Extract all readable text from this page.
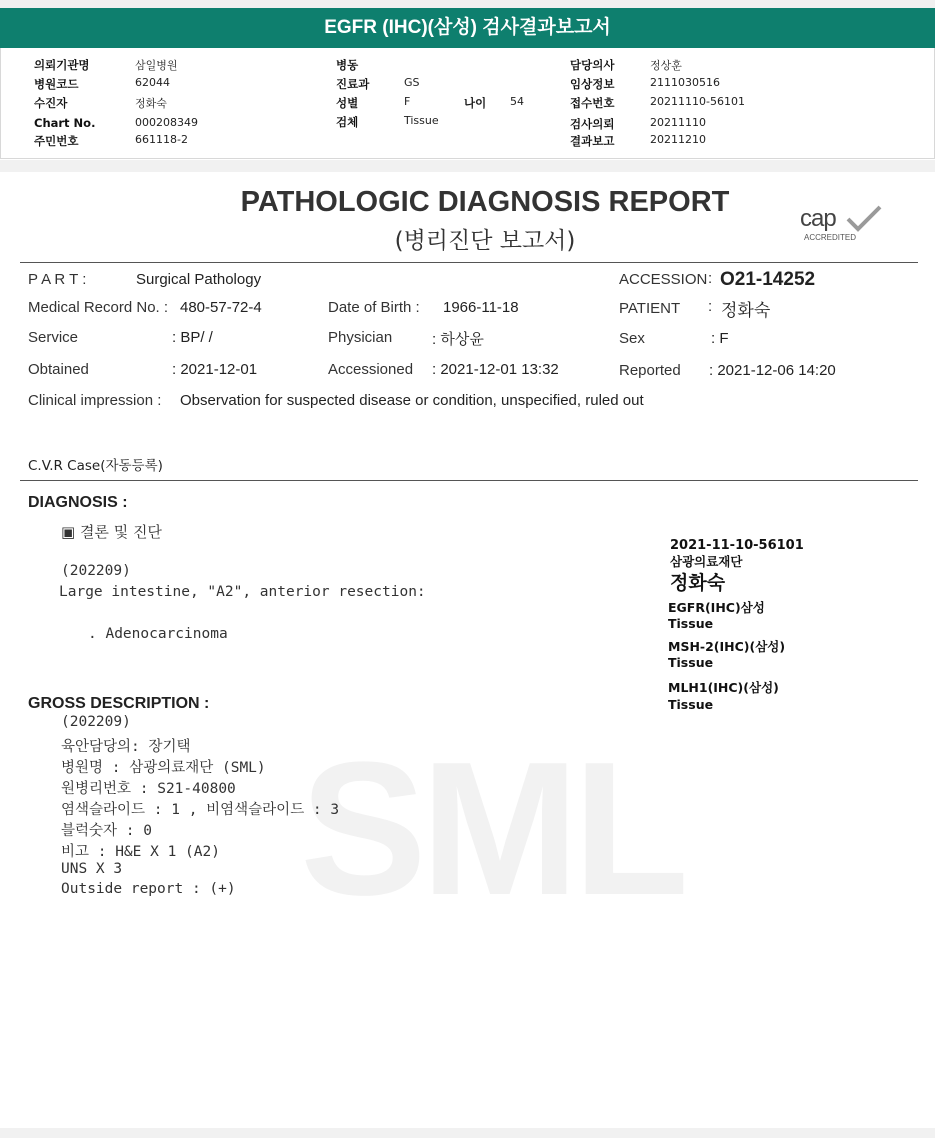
EGFR (IHC)(삼성) 검사결과보고서
의뢰기관명	삼일병원
병원코드	62044
수진자	정화숙
Chart No.	000208349
주민번호	661118-2
병동
진료과	GS
성별	F	나이 54
검체	Tissue
담당의사	정상훈
임상정보	2111030516
접수번호	20211110-56101
검사의뢰	20211110
결과보고	20211210
SML
PATHOLOGIC DIAGNOSIS REPORT
(병리진단 보고서)
cap
ACCREDITED
P A R T :	Surgical Pathology	ACCESSION : O21-14252
Medical Record No. : 480-57-72-4	Date of Birth : 1966-11-18	PATIENT : 정화숙
Service	: BP/ /	Physician	: 하상윤	Sex	: F
Obtained	: 2021-12-01	Accessioned : 2021-12-01 13:32	Reported : 2021-12-06 14:20
Clinical impression : Observation for suspected disease or condition, unspecified, ruled out
C.V.R Case(자동등록)
DIAGNOSIS :
▣ 결론 및 진단
(202209)
Large intestine, "A2", anterior resection:
. Adenocarcinoma
2021-11-10-56101
삼광의료재단
정화숙
EGFR(IHC)삼성
Tissue
MSH-2(IHC)(삼성)
Tissue
MLH1(IHC)(삼성)
Tissue
GROSS DESCRIPTION :
(202209)
육안담당의: 장기택
병원명 : 삼광의료재단 (SML)
원병리번호 : S21-40800
염색슬라이드 : 1 , 비염색슬라이드 : 3
블럭숫자 : 0
비고 : H&E X 1 (A2)
UNS X 3
Outside report : (+)
